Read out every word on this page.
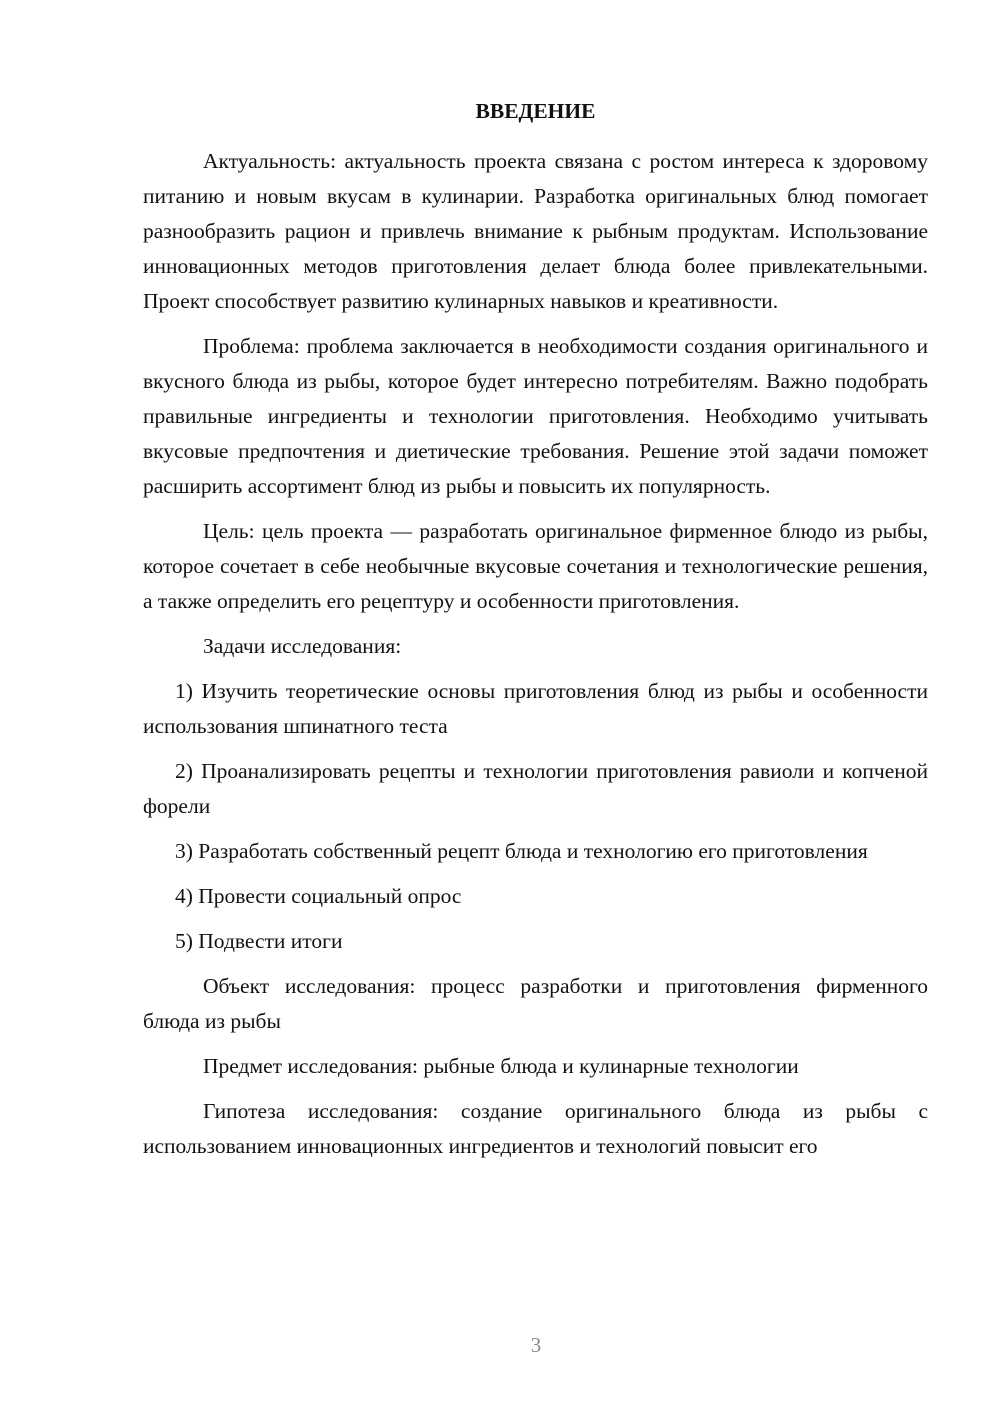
ВВЕДЕНИЕ

Актуальность: актуальность проекта связана с ростом интереса к здоровому питанию и новым вкусам в кулинарии. Разработка оригинальных блюд помогает разнообразить рацион и привлечь внимание к рыбным продуктам. Использование инновационных методов приготовления делает блюда более привлекательными. Проект способствует развитию кулинарных навыков и креативности.

Проблема: проблема заключается в необходимости создания оригинального и вкусного блюда из рыбы, которое будет интересно потребителям. Важно подобрать правильные ингредиенты и технологии приготовления. Необходимо учитывать вкусовые предпочтения и диетические требования. Решение этой задачи поможет расширить ассортимент блюд из рыбы и повысить их популярность.

Цель: цель проекта — разработать оригинальное фирменное блюдо из рыбы, которое сочетает в себе необычные вкусовые сочетания и технологические решения, а также определить его рецептуру и особенности приготовления.

Задачи исследования:

1) Изучить теоретические основы приготовления блюд из рыбы и особенности использования шпинатного теста

2) Проанализировать рецепты и технологии приготовления равиоли и копченой форели

3) Разработать собственный рецепт блюда и технологию его приготовления

4) Провести социальный опрос

5) Подвести итоги

Объект исследования: процесс разработки и приготовления фирменного блюда из рыбы

Предмет исследования: рыбные блюда и кулинарные технологии

Гипотеза исследования: создание оригинального блюда из рыбы с использованием инновационных ингредиентов и технологий повысит его

3
